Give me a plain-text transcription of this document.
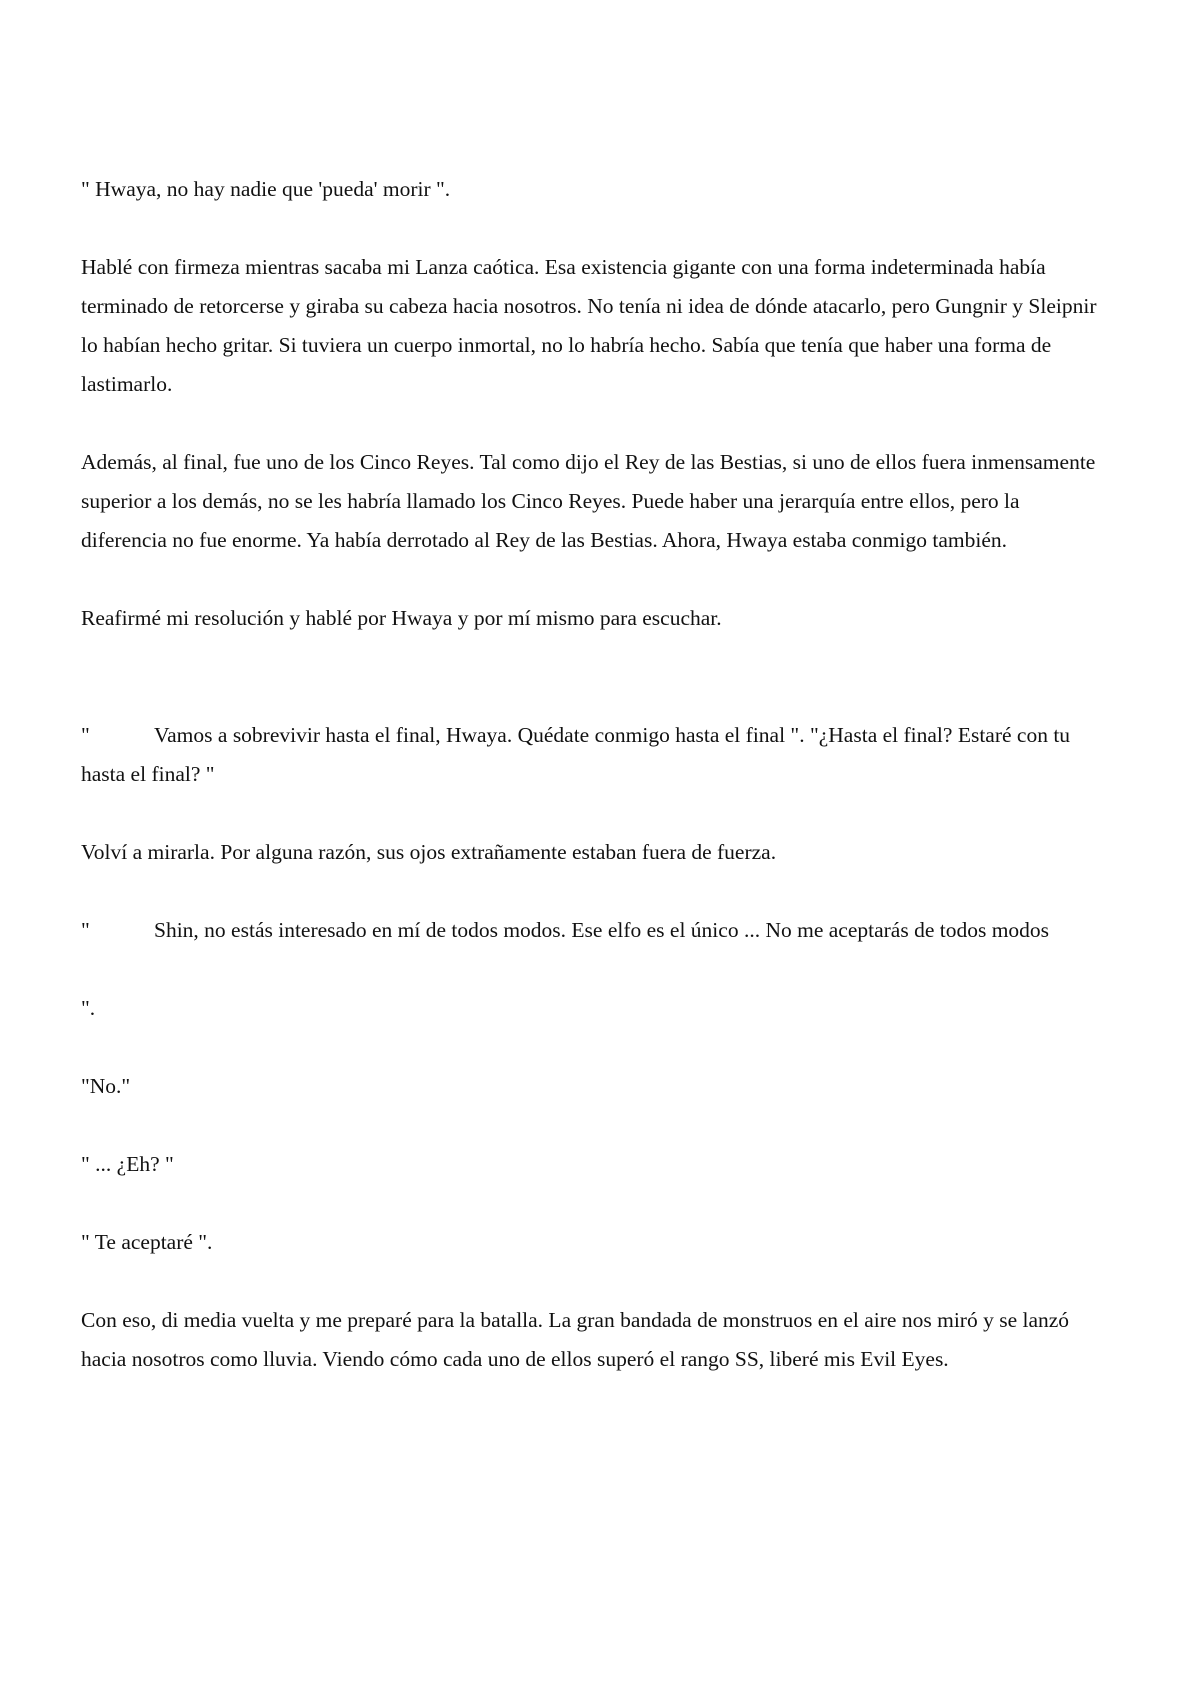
" Hwaya, no hay nadie que 'pueda' morir ".

Hablé con firmeza mientras sacaba mi Lanza caótica. Esa existencia gigante con una forma indeterminada había terminado de retorcerse y giraba su cabeza hacia nosotros. No tenía ni idea de dónde atacarlo, pero Gungnir y Sleipnir lo habían hecho gritar. Si tuviera un cuerpo inmortal, no lo habría hecho. Sabía que tenía que haber una forma de lastimarlo.

Además, al final, fue uno de los Cinco Reyes. Tal como dijo el Rey de las Bestias, si uno de ellos fuera inmensamente superior a los demás, no se les habría llamado los Cinco Reyes. Puede haber una jerarquía entre ellos, pero la diferencia no fue enorme. Ya había derrotado al Rey de las Bestias. Ahora, Hwaya estaba conmigo también.

Reafirmé mi resolución y hablé por Hwaya y por mí mismo para escuchar.

"	Vamos a sobrevivir hasta el final, Hwaya. Quédate conmigo hasta el final ". "¿Hasta el final? Estaré con tu hasta el final? "

Volví a mirarla. Por alguna razón, sus ojos extrañamente estaban fuera de fuerza.

"	Shin, no estás interesado en mí de todos modos. Ese elfo es el único ... No me aceptarás de todos modos

".

"No."

" ... ¿Eh? "

" Te aceptaré ".

Con eso, di media vuelta y me preparé para la batalla. La gran bandada de monstruos en el aire nos miró y se lanzó hacia nosotros como lluvia. Viendo cómo cada uno de ellos superó el rango SS, liberé mis Evil Eyes.
